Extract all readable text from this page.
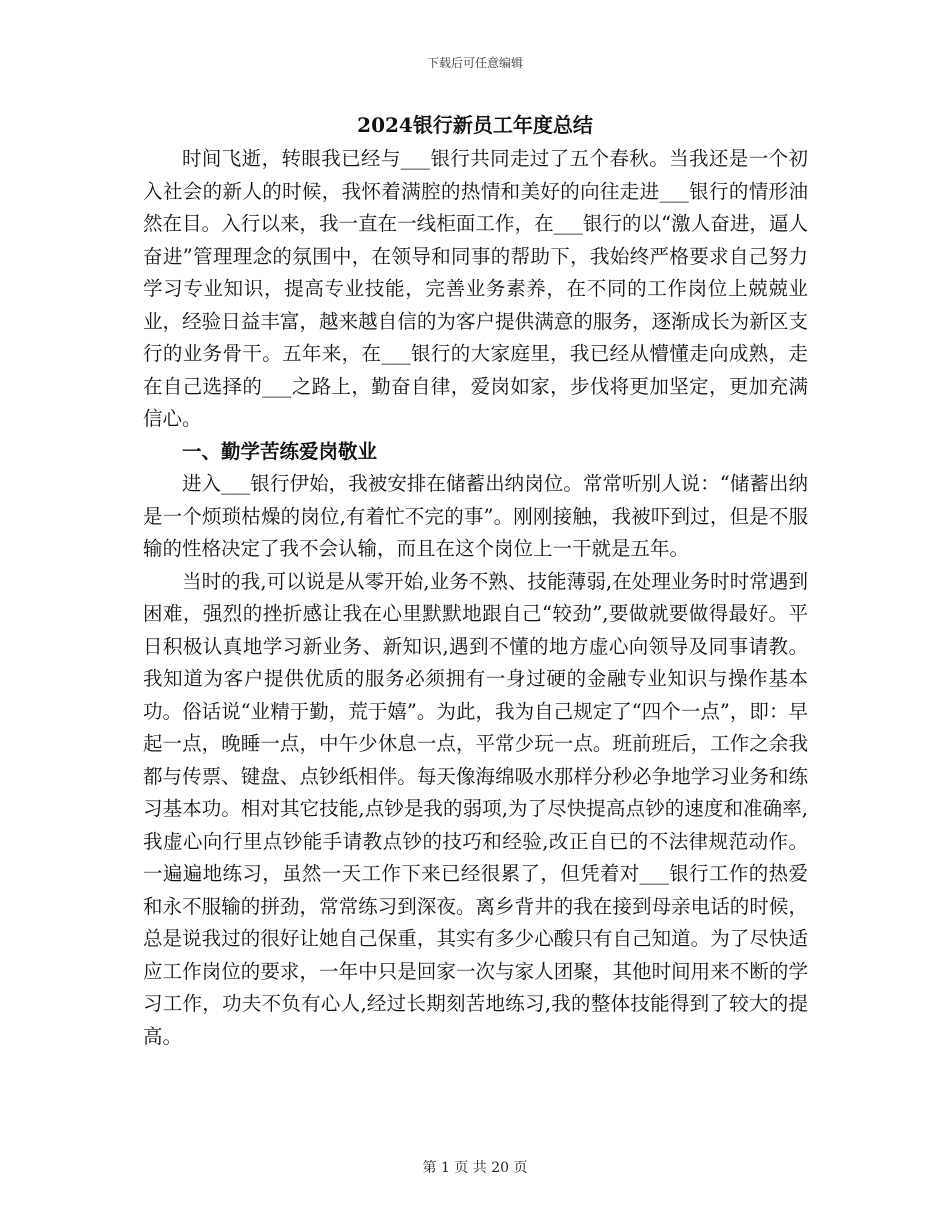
下载后可任意编辑
2024银行新员工年度总结

时间飞逝，转眼我已经与___银行共同走过了五个春秋。当我还是一个初入社会的新人的时候，我怀着满腔的热情和美好的向往走进___银行的情形油然在目。入行以来，我一直在一线柜面工作，在___银行的以“激人奋进，逼人奋进”管理理念的氛围中，在领导和同事的帮助下，我始终严格要求自己努力学习专业知识，提高专业技能，完善业务素养，在不同的工作岗位上兢兢业业，经验日益丰富，越来越自信的为客户提供满意的服务，逐渐成长为新区支行的业务骨干。五年来，在___银行的大家庭里，我已经从懵懂走向成熟，走在自己选择的___之路上，勤奋自律，爱岗如家，步伐将更加坚定，更加充满信心。

一、勤学苦练爱岗敬业

进入___银行伊始，我被安排在储蓄出纳岗位。常常听别人说：“储蓄出纳是一个烦琐枯燥的岗位,有着忙不完的事”。刚刚接触，我被吓到过，但是不服输的性格决定了我不会认输，而且在这个岗位上一干就是五年。

当时的我,可以说是从零开始,业务不熟、技能薄弱,在处理业务时时常遇到困难，强烈的挫折感让我在心里默默地跟自己“较劲”,要做就要做得最好。平日积极认真地学习新业务、新知识,遇到不懂的地方虚心向领导及同事请教。我知道为客户提供优质的服务必须拥有一身过硬的金融专业知识与操作基本功。俗话说“业精于勤，荒于嬉”。为此，我为自己规定了“四个一点”，即：早起一点，晚睡一点，中午少休息一点，平常少玩一点。班前班后，工作之余我都与传票、键盘、点钞纸相伴。每天像海绵吸水那样分秒必争地学习业务和练习基本功。相对其它技能,点钞是我的弱项,为了尽快提高点钞的速度和准确率,我虚心向行里点钞能手请教点钞的技巧和经验,改正自已的不法律规范动作。一遍遍地练习，虽然一天工作下来已经很累了，但凭着对___银行工作的热爱和永不服输的拼劲，常常练习到深夜。离乡背井的我在接到母亲电话的时候，总是说我过的很好让她自己保重，其实有多少心酸只有自己知道。为了尽快适应工作岗位的要求，一年中只是回家一次与家人团聚，其他时间用来不断的学习工作，功夫不负有心人,经过长期刻苦地练习,我的整体技能得到了较大的提高。

第 1 页 共 20 页
